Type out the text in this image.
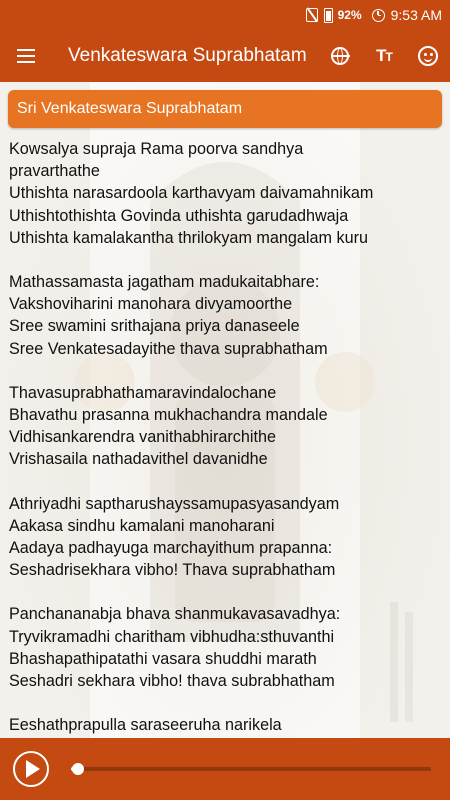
92% 9:53 AM
Venkateswara Suprabhatam	TT
Sri Venkateswara Suprabhatam
Kowsalya supraja Rama poorva sandhya
pravarthathe
Uthishta narasardoola karthavyam daivamahnikam
Uthishtothishta Govinda uthishta garudadhwaja
Uthishta kamalakantha thrilokyam mangalam kuru
Mathassamasta jagatham madukaitabhare:
Vakshoviharini manohara divyamoorthe
Sree swamini srithajana priya danaseele
Sree Venkatesadayithe thava suprabhatham
Thavasuprabhathamaravindalochane
Bhavathu prasanna mukhachandra mandale
Vidhisankarendra vanithabhirarchithe
Vrishasaila nathadavithel davanidhe
Athriyadhi saptharushayssamupasyasandyam
Aakasa sindhu kamalani manoharani
Aadaya padhayuga marchayithum prapanna:
Seshadrisekhara vibho! Thava suprabhatham
Panchananabja bhava shanmukavasavadhya:
Tryvikramadhi charitham vibhudha:sthuvanthi
Bhashapathipatathi vasara shuddhi marath
Seshadri sekhara vibho! thava subrabhatham
Eeshathprapulla saraseeruha narikela
